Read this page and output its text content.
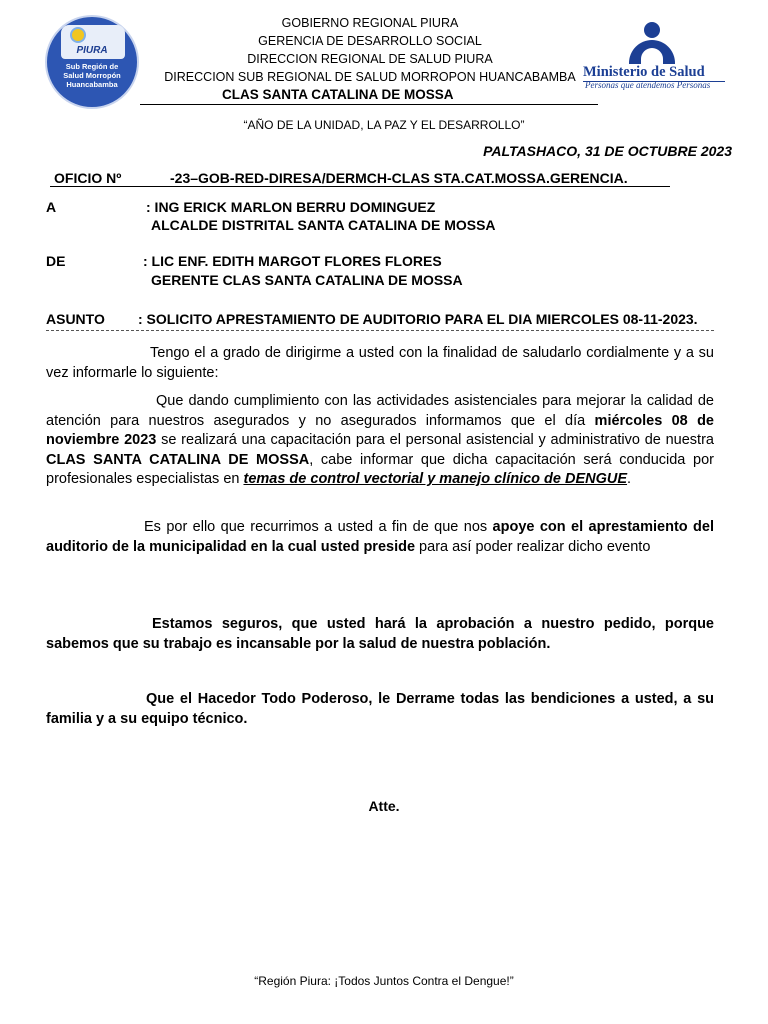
PIURA
Sub Región de
Salud Morropón
Huancabamba
GOBIERNO REGIONAL PIURA
GERENCIA DE DESARROLLO SOCIAL
DIRECCION REGIONAL DE SALUD PIURA
DIRECCION SUB REGIONAL DE SALUD MORROPON HUANCABAMBA
CLAS SANTA CATALINA DE MOSSA
Ministerio de Salud
Personas que atendemos Personas
“AÑO DE LA UNIDAD, LA PAZ Y EL DESARROLLO”
PALTASHACO, 31 DE OCTUBRE 2023
OFICIO Nº	-23–GOB-RED-DIRESA/DERMCH-CLAS STA.CAT.MOSSA.GERENCIA.
A	: ING ERICK MARLON BERRU DOMINGUEZ
ALCALDE DISTRITAL SANTA CATALINA DE MOSSA
DE	: LIC ENF. EDITH MARGOT FLORES FLORES
GERENTE CLAS SANTA CATALINA DE MOSSA
ASUNTO : SOLICITO APRESTAMIENTO DE AUDITORIO PARA EL DIA MIERCOLES 08-11-2023.
Tengo el a grado de dirigirme a usted con la finalidad de saludarlo cordialmente y a su vez informarle lo siguiente:
Que dando cumplimiento con las actividades asistenciales para mejorar la calidad de atención para nuestros asegurados y no asegurados informamos que el día miércoles 08 de noviembre 2023 se realizará una capacitación para el personal asistencial y administrativo de nuestra CLAS SANTA CATALINA DE MOSSA, cabe informar que dicha capacitación será conducida por profesionales especialistas en temas de control vectorial y manejo clínico de DENGUE.
Es por ello que recurrimos a usted a fin de que nos apoye con el aprestamiento del auditorio de la municipalidad en la cual usted preside para así poder realizar dicho evento
Estamos seguros, que usted hará la aprobación a nuestro pedido, porque sabemos que su trabajo es incansable por la salud de nuestra población.
Que el Hacedor Todo Poderoso, le Derrame todas las bendiciones a usted, a su familia y a su equipo técnico.
Atte.
“Región Piura: ¡Todos Juntos Contra el Dengue!”
